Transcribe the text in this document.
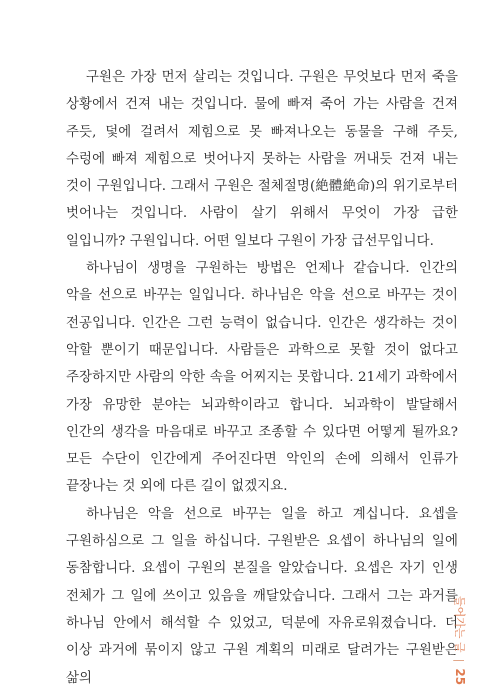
구원은 가장 먼저 살리는 것입니다. 구원은 무엇보다 먼저 죽을 상황에서 건져 내는 것입니다. 물에 빠져 죽어 가는 사람을 건져 주듯, 덫에 걸려서 제힘으로 못 빠져나오는 동물을 구해 주듯, 수렁에 빠져 제힘으로 벗어나지 못하는 사람을 꺼내듯 건져 내는 것이 구원입니다. 그래서 구원은 절체절명(絶體絶命)의 위기로부터 벗어나는 것입니다. 사람이 살기 위해서 무엇이 가장 급한 일입니까? 구원입니다. 어떤 일보다 구원이 가장 급선무입니다.

하나님이 생명을 구원하는 방법은 언제나 같습니다. 인간의 악을 선으로 바꾸는 일입니다. 하나님은 악을 선으로 바꾸는 것이 전공입니다. 인간은 그런 능력이 없습니다. 인간은 생각하는 것이 악할 뿐이기 때문입니다. 사람들은 과학으로 못할 것이 없다고 주장하지만 사람의 악한 속을 어찌지는 못합니다. 21세기 과학에서 가장 유망한 분야는 뇌과학이라고 합니다. 뇌과학이 발달해서 인간의 생각을 마음대로 바꾸고 조종할 수 있다면 어떻게 될까요? 모든 수단이 인간에게 주어진다면 악인의 손에 의해서 인류가 끝장나는 것 외에 다른 길이 없겠지요.

하나님은 악을 선으로 바꾸는 일을 하고 계십니다. 요셉을 구원하심으로 그 일을 하십니다. 구원받은 요셉이 하나님의 일에 동참합니다. 요셉이 구원의 본질을 알았습니다. 요셉은 자기 인생 전체가 그 일에 쓰이고 있음을 깨달았습니다. 그래서 그는 과거를 하나님 안에서 해석할 수 있었고, 덕분에 자유로워졌습니다. 더 이상 과거에 묶이지 않고 구원 계획의 미래로 달려가는 구원받은 삶의

들어가는 글
|
25
